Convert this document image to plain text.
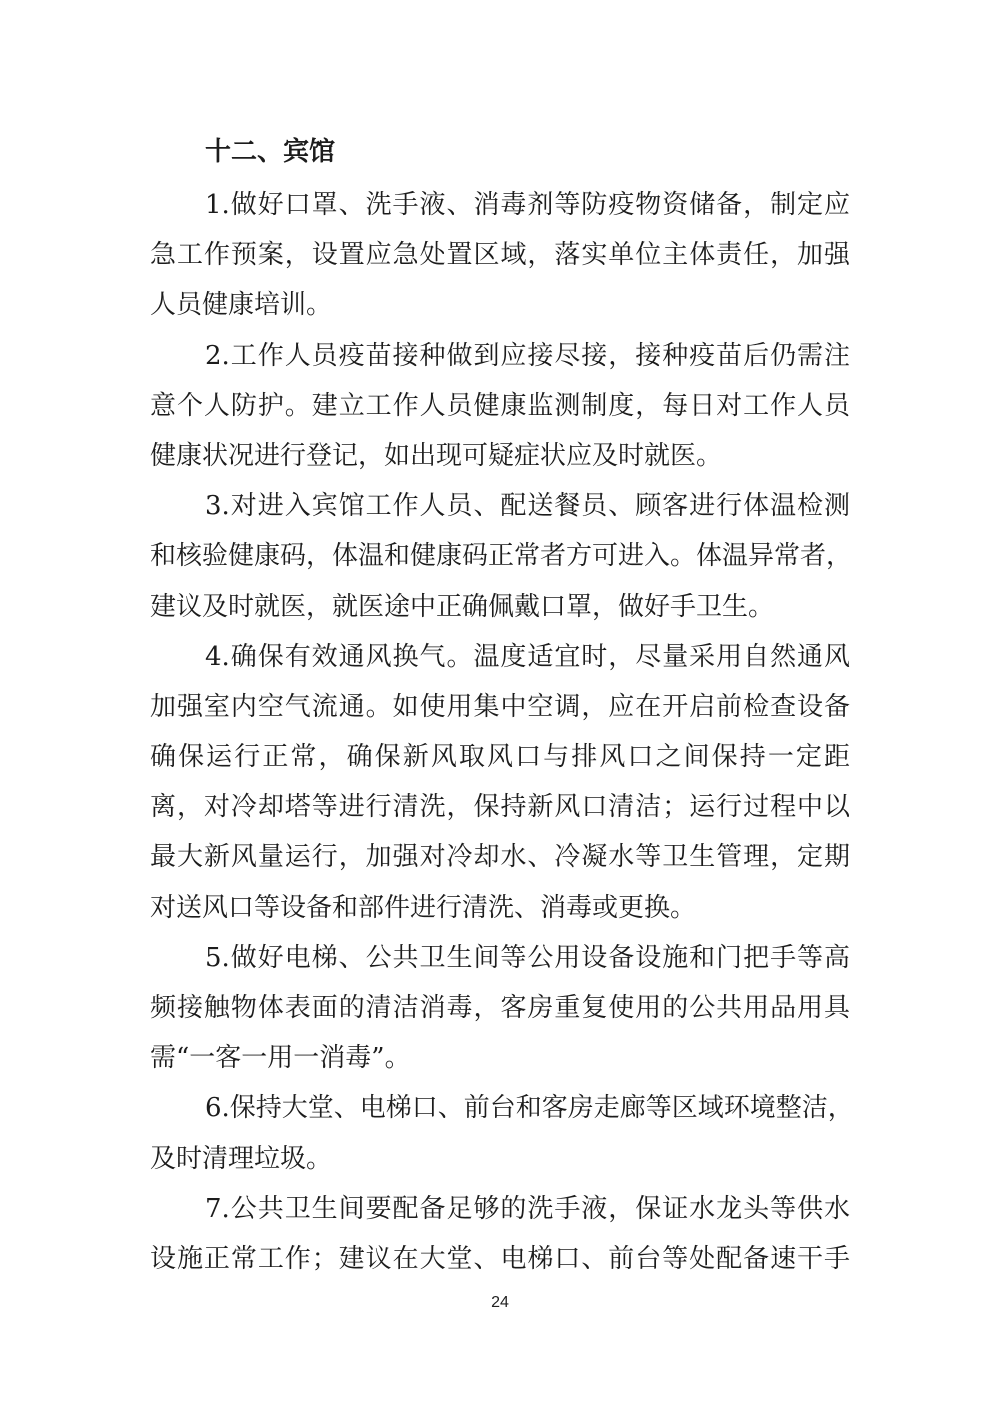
十二、宾馆
1.做好口罩、洗手液、消毒剂等防疫物资储备，制定应
急工作预案，设置应急处置区域，落实单位主体责任，加强
人员健康培训。
2.工作人员疫苗接种做到应接尽接，接种疫苗后仍需注
意个人防护。建立工作人员健康监测制度，每日对工作人员
健康状况进行登记，如出现可疑症状应及时就医。
3.对进入宾馆工作人员、配送餐员、顾客进行体温检测
和核验健康码，体温和健康码正常者方可进入。体温异常者，
建议及时就医，就医途中正确佩戴口罩，做好手卫生。
4.确保有效通风换气。温度适宜时，尽量采用自然通风
加强室内空气流通。如使用集中空调，应在开启前检查设备
确保运行正常，确保新风取风口与排风口之间保持一定距
离，对冷却塔等进行清洗，保持新风口清洁；运行过程中以
最大新风量运行，加强对冷却水、冷凝水等卫生管理，定期
对送风口等设备和部件进行清洗、消毒或更换。
5.做好电梯、公共卫生间等公用设备设施和门把手等高
频接触物体表面的清洁消毒，客房重复使用的公共用品用具
需“一客一用一消毒”。
6.保持大堂、电梯口、前台和客房走廊等区域环境整洁，
及时清理垃圾。
7.公共卫生间要配备足够的洗手液，保证水龙头等供水
设施正常工作；建议在大堂、电梯口、前台等处配备速干手
24
